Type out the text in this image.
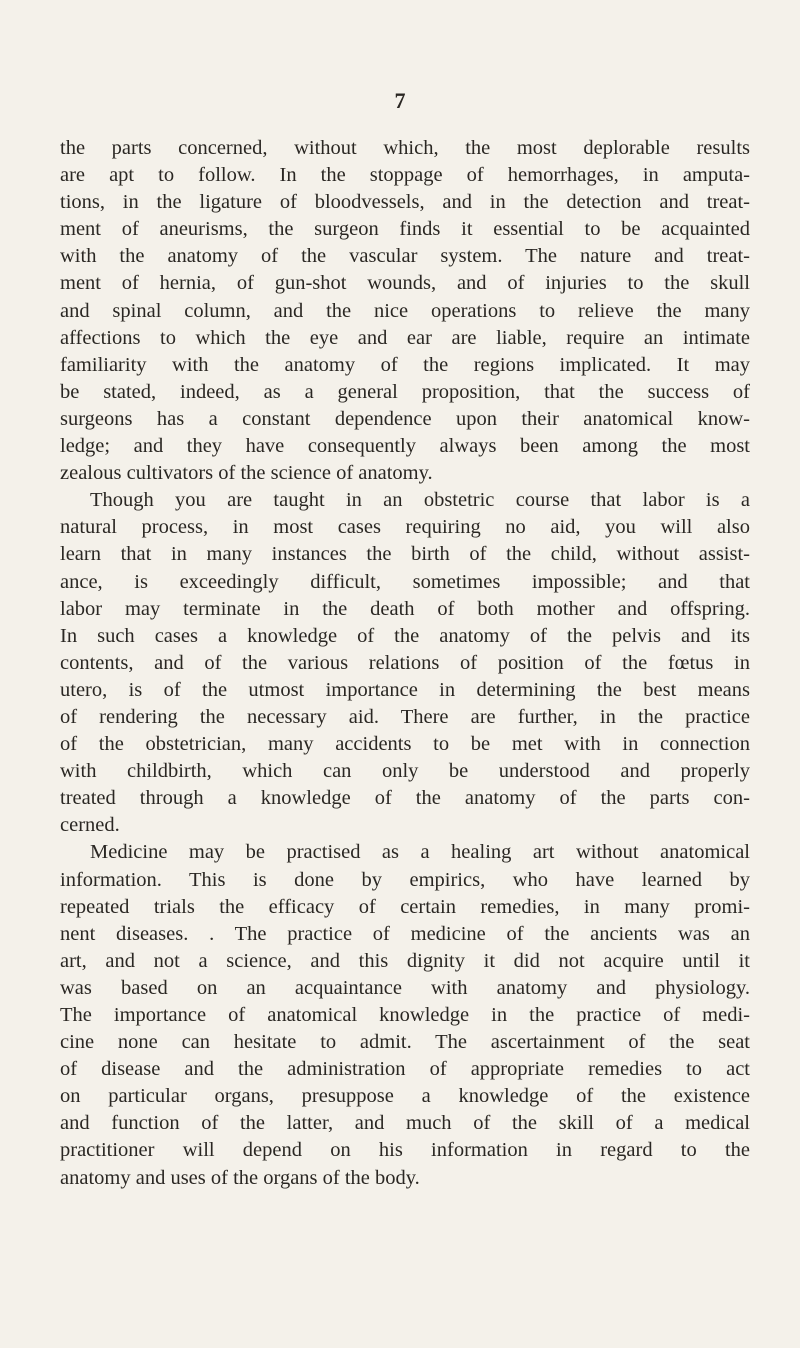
7
the parts concerned, without which, the most deplorable results
are apt to follow. In the stoppage of hemorrhages, in amputa-
tions, in the ligature of bloodvessels, and in the detection and treat-
ment of aneurisms, the surgeon finds it essential to be acquainted
with the anatomy of the vascular system. The nature and treat-
ment of hernia, of gun-shot wounds, and of injuries to the skull
and spinal column, and the nice operations to relieve the many
affections to which the eye and ear are liable, require an intimate
familiarity with the anatomy of the regions implicated. It may
be stated, indeed, as a general proposition, that the success of
surgeons has a constant dependence upon their anatomical know-
ledge; and they have consequently always been among the most
zealous cultivators of the science of anatomy.
Though you are taught in an obstetric course that labor is a
natural process, in most cases requiring no aid, you will also
learn that in many instances the birth of the child, without assist-
ance, is exceedingly difficult, sometimes impossible; and that
labor may terminate in the death of both mother and offspring.
In such cases a knowledge of the anatomy of the pelvis and its
contents, and of the various relations of position of the fœtus in
utero, is of the utmost importance in determining the best means
of rendering the necessary aid. There are further, in the practice
of the obstetrician, many accidents to be met with in connection
with childbirth, which can only be understood and properly
treated through a knowledge of the anatomy of the parts con-
cerned.
Medicine may be practised as a healing art without anatomical
information. This is done by empirics, who have learned by
repeated trials the efficacy of certain remedies, in many promi-
nent diseases. . The practice of medicine of the ancients was an
art, and not a science, and this dignity it did not acquire until it
was based on an acquaintance with anatomy and physiology.
The importance of anatomical knowledge in the practice of medi-
cine none can hesitate to admit. The ascertainment of the seat
of disease and the administration of appropriate remedies to act
on particular organs, presuppose a knowledge of the existence
and function of the latter, and much of the skill of a medical
practitioner will depend on his information in regard to the
anatomy and uses of the organs of the body.
